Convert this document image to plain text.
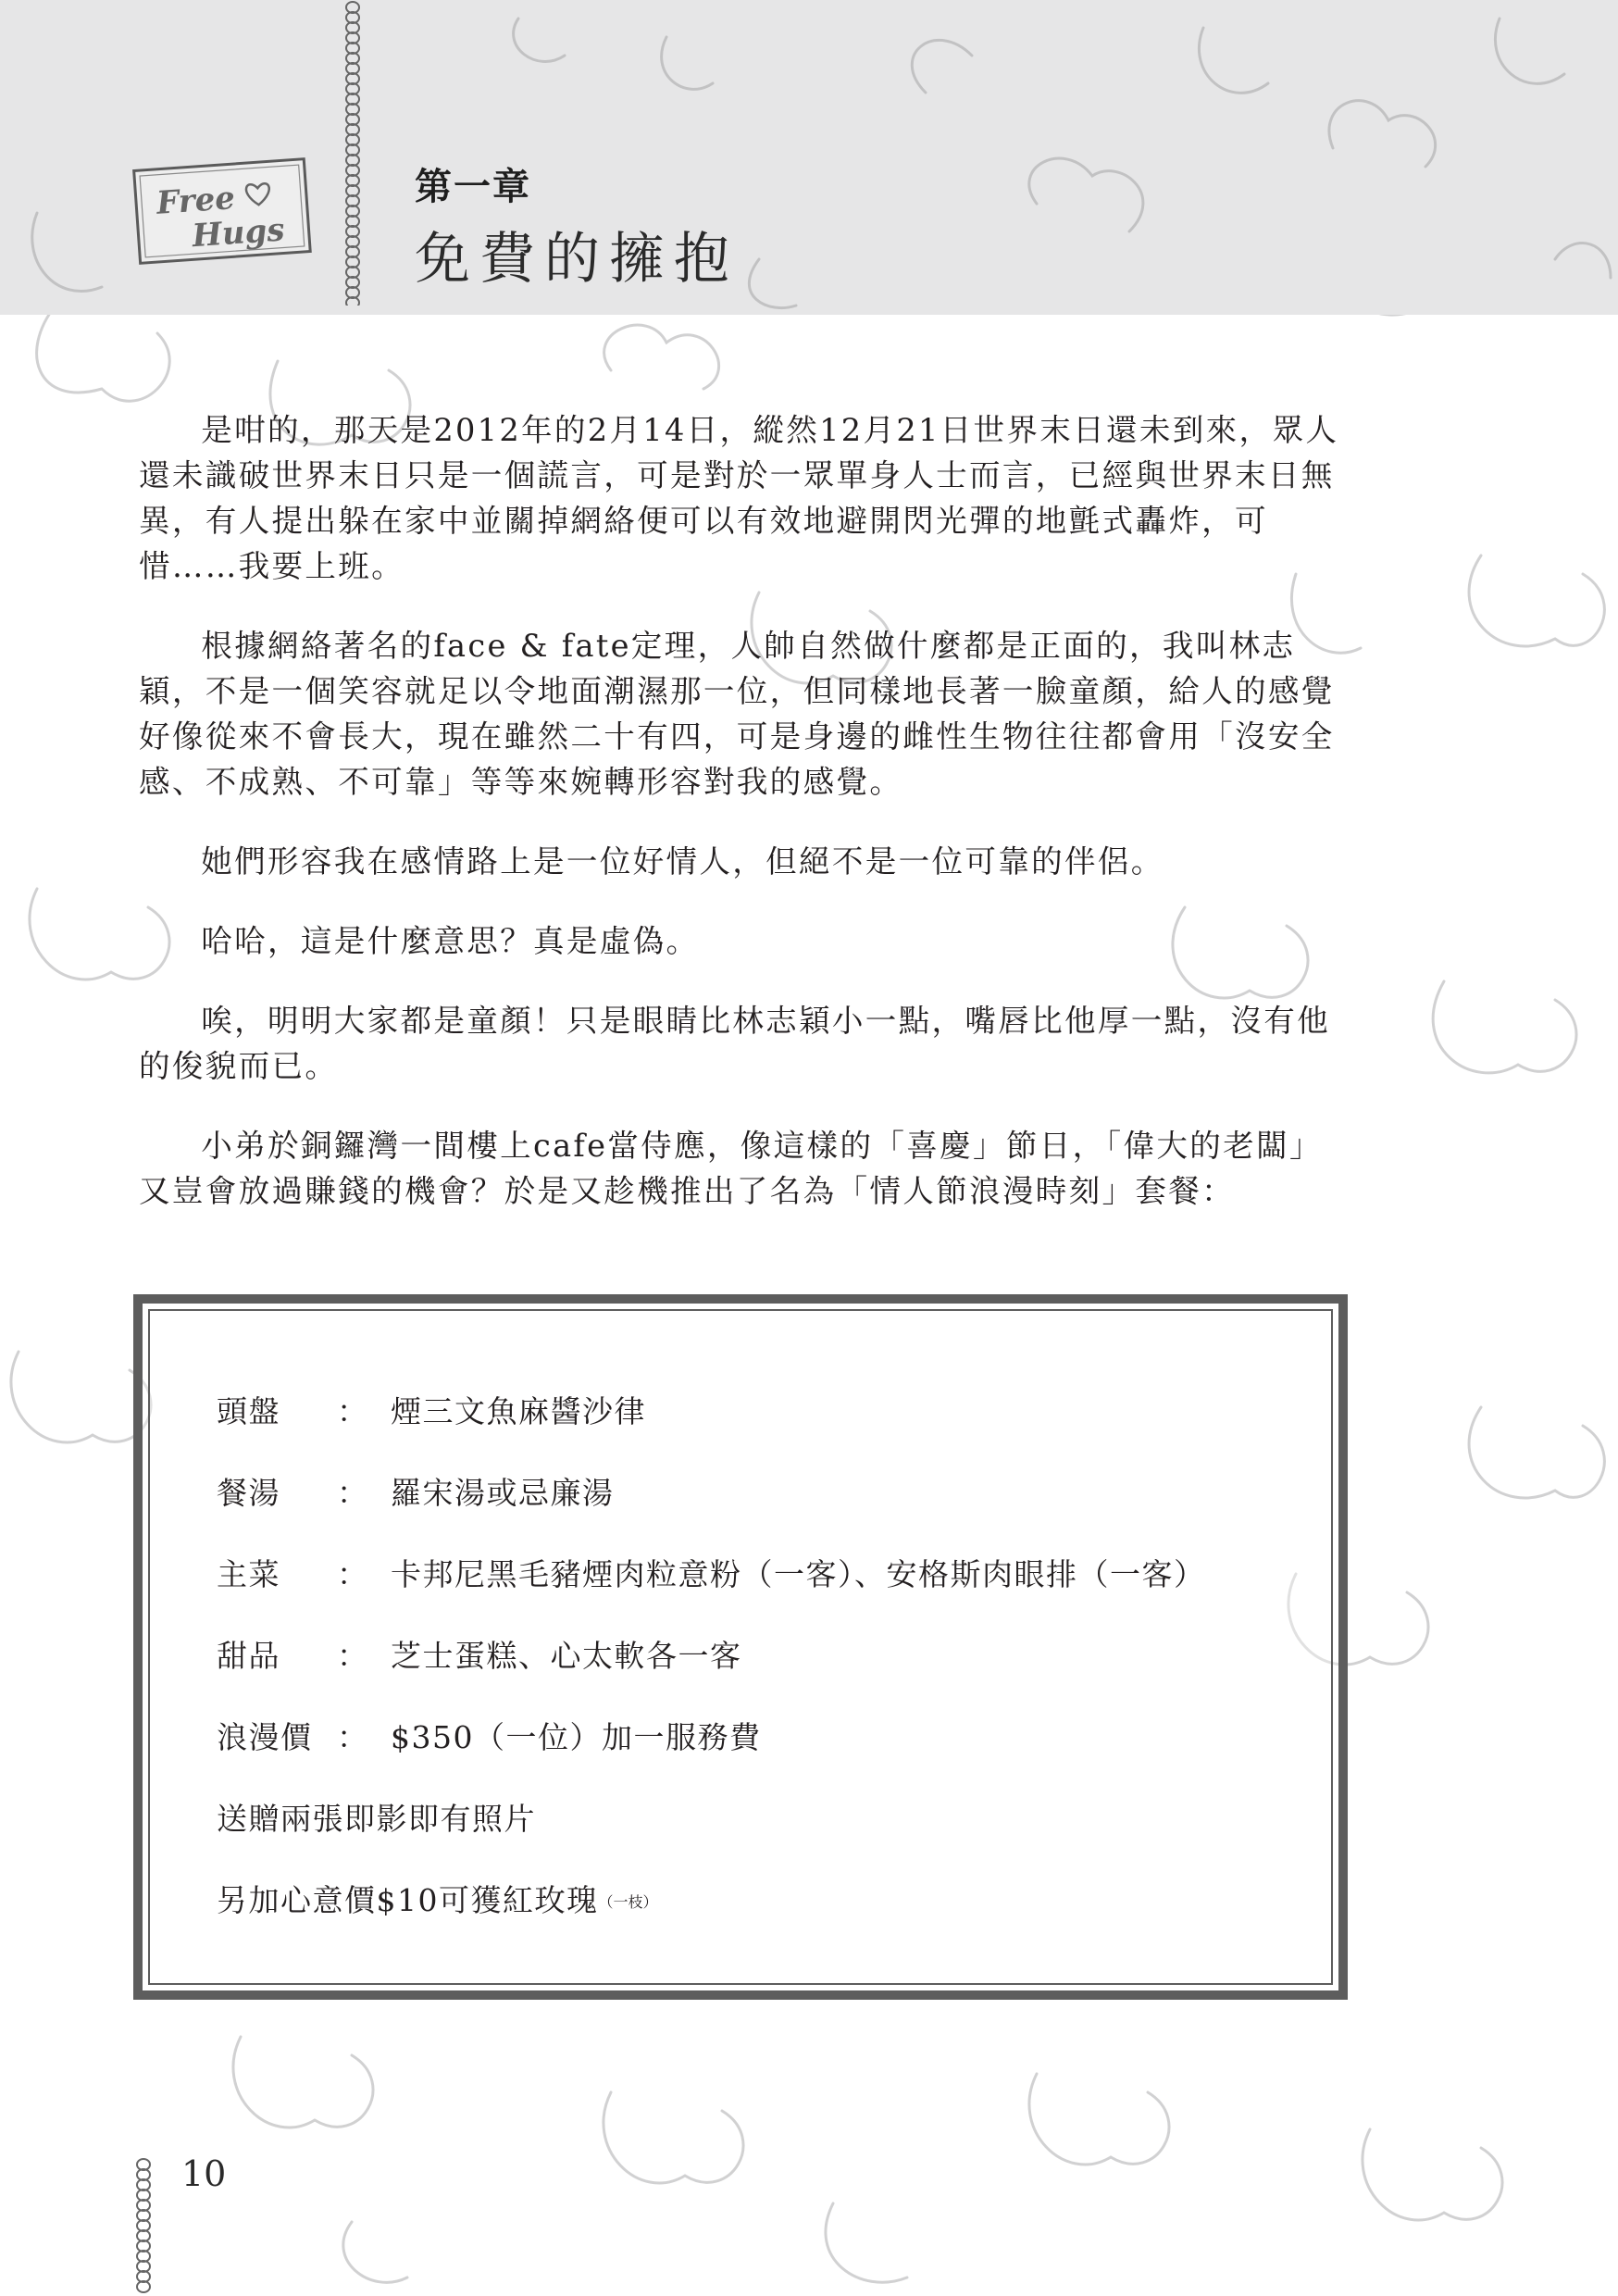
Free
Hugs
第一章
免費的擁抱

是咁的，那天是2012年的2月14日，縱然12月21日世界末日還未到來，眾人還未識破世界末日只是一個謊言，可是對於一眾單身人士而言，已經與世界末日無異，有人提出躲在家中並關掉網絡便可以有效地避開閃光彈的地氈式轟炸，可惜……我要上班。

根據網絡著名的face & fate定理，人帥自然做什麼都是正面的，我叫林志穎，不是一個笑容就足以令地面潮濕那一位，但同樣地長著一臉童顏，給人的感覺好像從來不會長大，現在雖然二十有四，可是身邊的雌性生物往往都會用「沒安全感、不成熟、不可靠」等等來婉轉形容對我的感覺。

她們形容我在感情路上是一位好情人，但絕不是一位可靠的伴侶。

哈哈，這是什麼意思？真是虛偽。

唉，明明大家都是童顏！只是眼睛比林志穎小一點，嘴唇比他厚一點，沒有他的俊貌而已。

小弟於銅鑼灣一間樓上cafe當侍應，像這樣的「喜慶」節日，「偉大的老闆」又豈會放過賺錢的機會？於是又趁機推出了名為「情人節浪漫時刻」套餐：

頭盤 ： 煙三文魚麻醬沙律
餐湯 ： 羅宋湯或忌廉湯
主菜 ： 卡邦尼黑毛豬煙肉粒意粉（一客）、安格斯肉眼排（一客）
甜品 ： 芝士蛋糕、心太軟各一客
浪漫價 ： $350（一位）加一服務費
送贈兩張即影即有照片
另加心意價$10可獲紅玫瑰（一枝）
10
